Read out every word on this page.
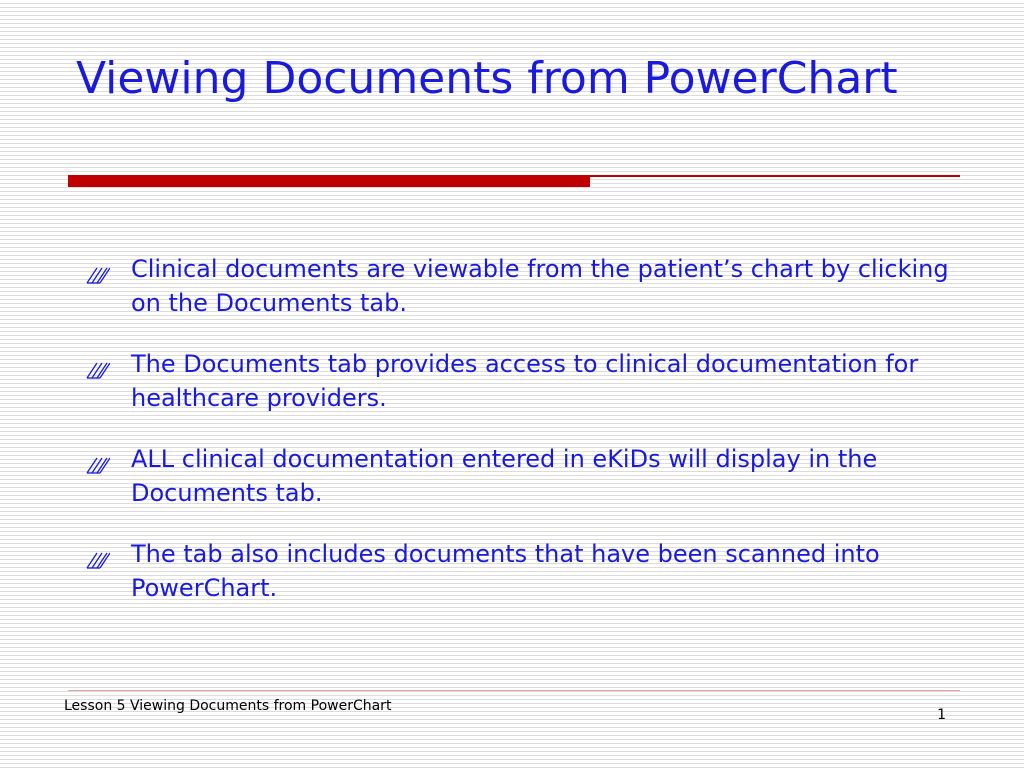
Viewing Documents from PowerChart
Clinical documents are viewable from the patient’s chart by clicking on the Documents tab.
The Documents tab provides access to clinical documentation for healthcare providers.
ALL clinical documentation entered in eKiDs will display in the Documents tab.
The tab also includes documents that have been scanned into PowerChart.
Lesson 5 Viewing Documents from PowerChart
1
